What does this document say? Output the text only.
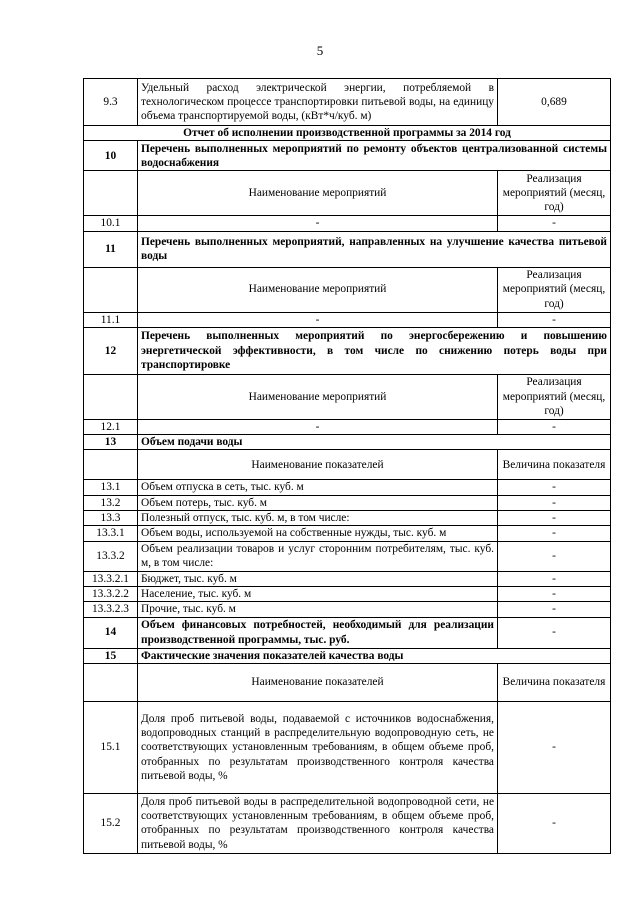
5
9.3	Удельный расход электрической энергии, потребляемой в технологическом процессе транспортировки питьевой воды, на единицу объема транспортируемой воды, (кВт*ч/куб. м)	0,689
Отчет об исполнении производственной программы за 2014 год		
10	Перечень выполненных мероприятий по ремонту объектов централизованной системы водоснабжения	
	Наименование мероприятий	Реализация мероприятий (месяц, год)
10.1	-	-
11	Перечень выполненных мероприятий, направленных на улучшение качества питьевой воды	
	Наименование мероприятий	Реализация мероприятий (месяц, год)
11.1	-	-
12	Перечень выполненных мероприятий по энергосбережению и повышению энергетической эффективности, в том числе по снижению потерь воды при транспортировке	
	Наименование мероприятий	Реализация мероприятий (месяц, год)
12.1	-	-
13	Объем подачи воды	
	Наименование показателей	Величина показателя
13.1	Объем отпуска в сеть, тыс. куб. м	-
13.2	Объем потерь, тыс. куб. м	-
13.3	Полезный отпуск, тыс. куб. м, в том числе:	-
13.3.1	Объем воды, используемой на собственные нужды, тыс. куб. м	-
13.3.2	Объем реализации товаров и услуг сторонним потребителям, тыс. куб. м, в том числе:	-
13.3.2.1	Бюджет, тыс. куб. м	-
13.3.2.2	Население, тыс. куб. м	-
13.3.2.3	Прочие, тыс. куб. м	-
14	Объем финансовых потребностей, необходимый для реализации производственной программы, тыс. руб.	-
15	Фактические значения показателей качества воды	
	Наименование показателей	Величина показателя
15.1	Доля проб питьевой воды, подаваемой с источников водоснабжения, водопроводных станций в распределительную водопроводную сеть, не соответствующих установленным требованиям, в общем объеме проб, отобранных по результатам производственного контроля качества питьевой воды, %	-
15.2	Доля проб питьевой воды в распределительной водопроводной сети, не соответствующих установленным требованиям, в общем объеме проб, отобранных по результатам производственного контроля качества питьевой воды, %	-
